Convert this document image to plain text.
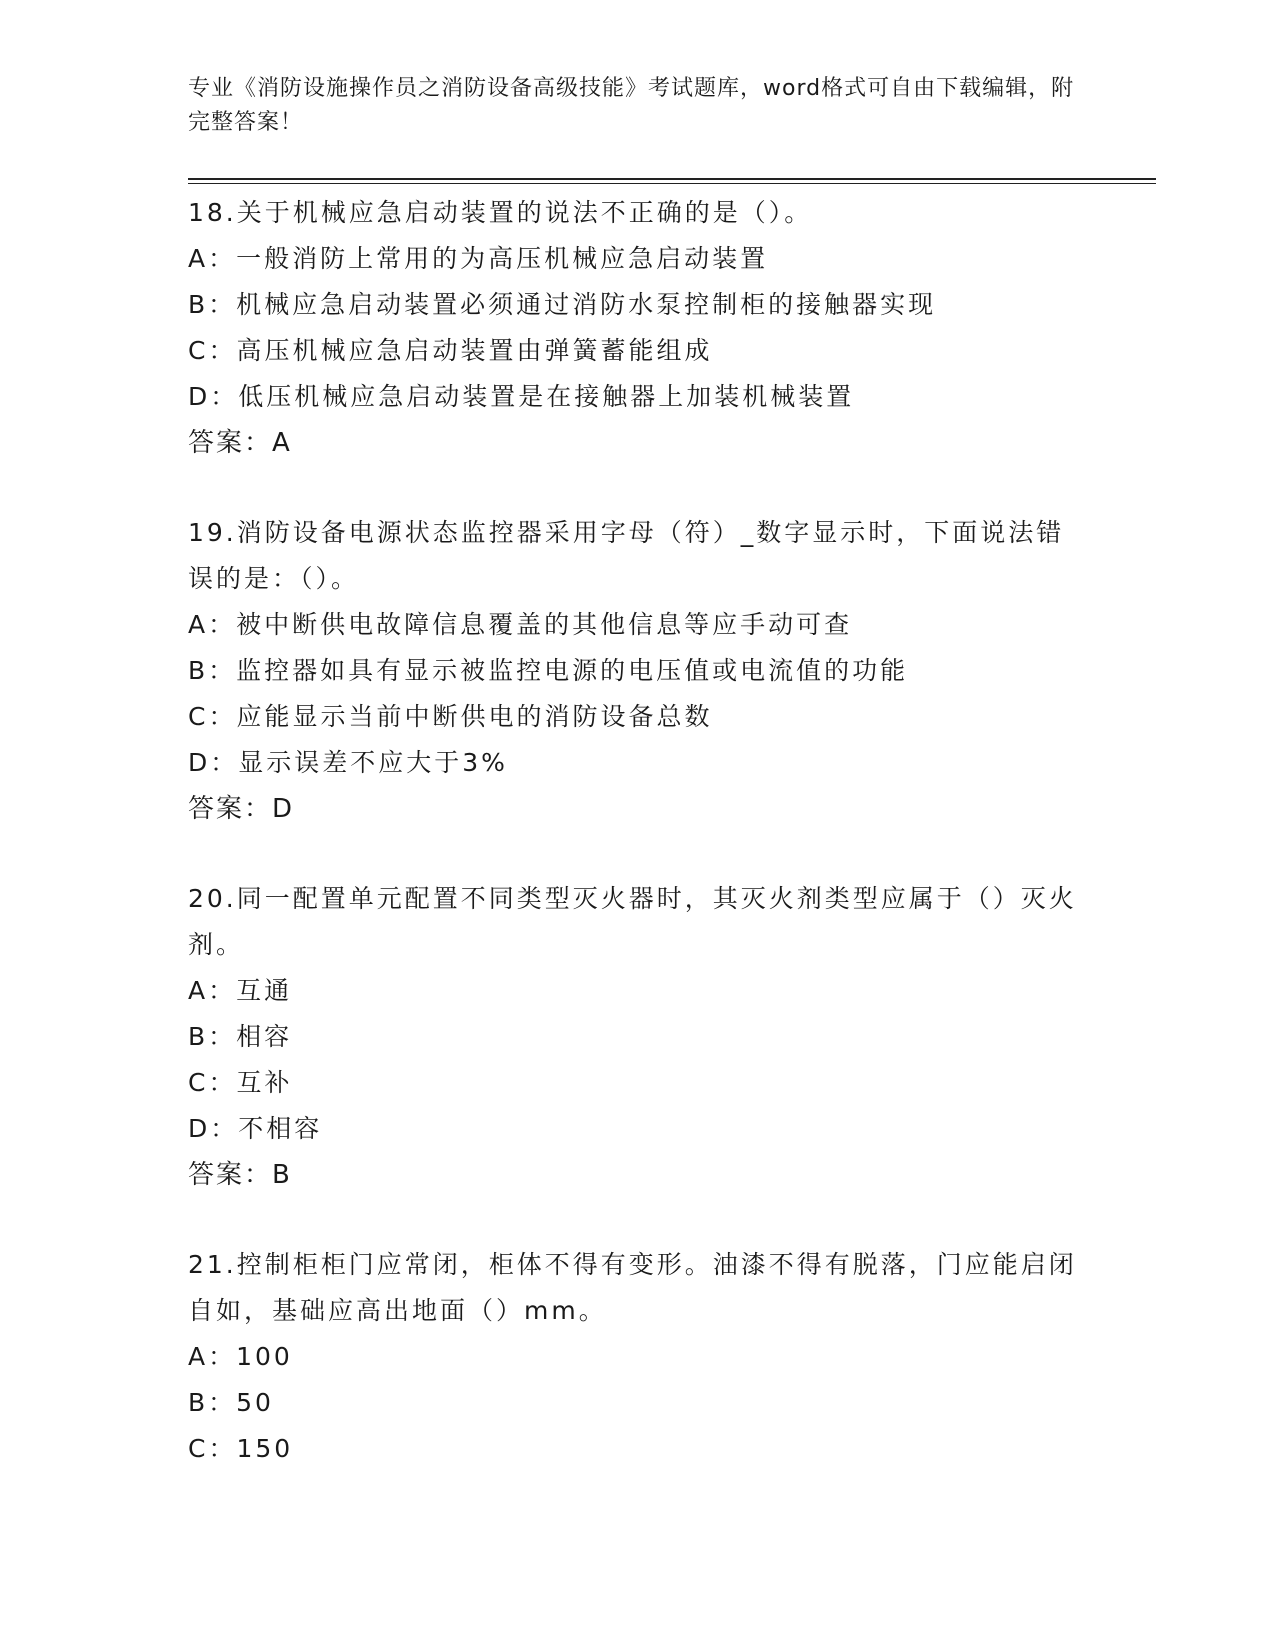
专业《消防设施操作员之消防设备高级技能》考试题库，word格式可自由下载编辑，附完整答案！
18.关于机械应急启动装置的说法不正确的是（）。
A：一般消防上常用的为高压机械应急启动装置
B：机械应急启动装置必须通过消防水泵控制柜的接触器实现
C：高压机械应急启动装置由弹簧蓄能组成
D：低压机械应急启动装置是在接触器上加装机械装置
答案：A
19.消防设备电源状态监控器采用字母（符）_数字显示时，下面说法错误的是：（）。
A：被中断供电故障信息覆盖的其他信息等应手动可查
B：监控器如具有显示被监控电源的电压值或电流值的功能
C：应能显示当前中断供电的消防设备总数
D：显示误差不应大于3%
答案：D
20.同一配置单元配置不同类型灭火器时，其灭火剂类型应属于（）灭火剂。
A：互通
B：相容
C：互补
D：不相容
答案：B
21.控制柜柜门应常闭，柜体不得有变形。油漆不得有脱落，门应能启闭自如，基础应高出地面（）mm。
A：100
B：50
C：150
